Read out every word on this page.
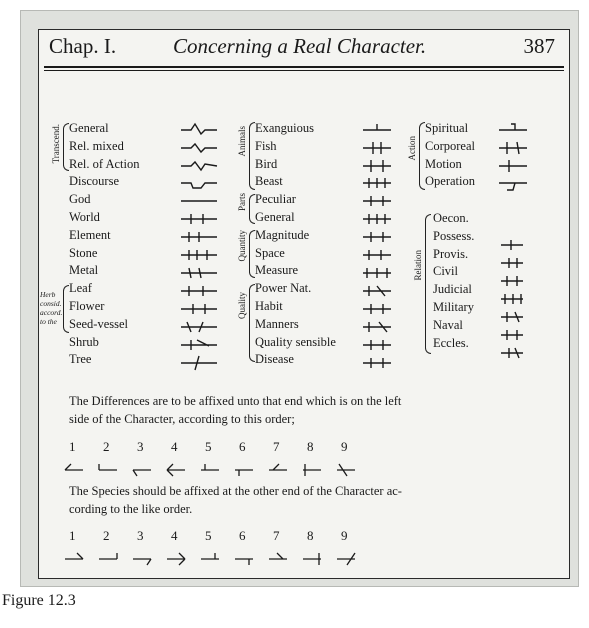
Chap. I.	Concerning a Real Character.	387
Transcend.
Herb
consid.
accord.
to the
General
Rel. mixed
Rel. of Action
Discourse
God
World
Element
Stone
Metal
Leaf
Flower
Seed-vessel
Shrub
Tree
Animals
Parts
Quantity
Quality
Exanguious
Fish
Bird
Beast
Peculiar
General
Magnitude
Space
Measure
Power Nat.
Habit
Manners
Quality sensible
Disease
Action
Relation
Spiritual
Corporeal
Motion
Operation
Oecon.
Possess.
Provis.
Civil
Judicial
Military
Naval
Eccles.
The Differences are to be affixed unto that end which is on the left
side of the Character, according to this order;
1 2 3 4 5 6 7 8 9
The Species should be affixed at the other end of the Character ac-
cording to the like order.
1 2 3 4 5 6 7 8 9
Figure 12.3
